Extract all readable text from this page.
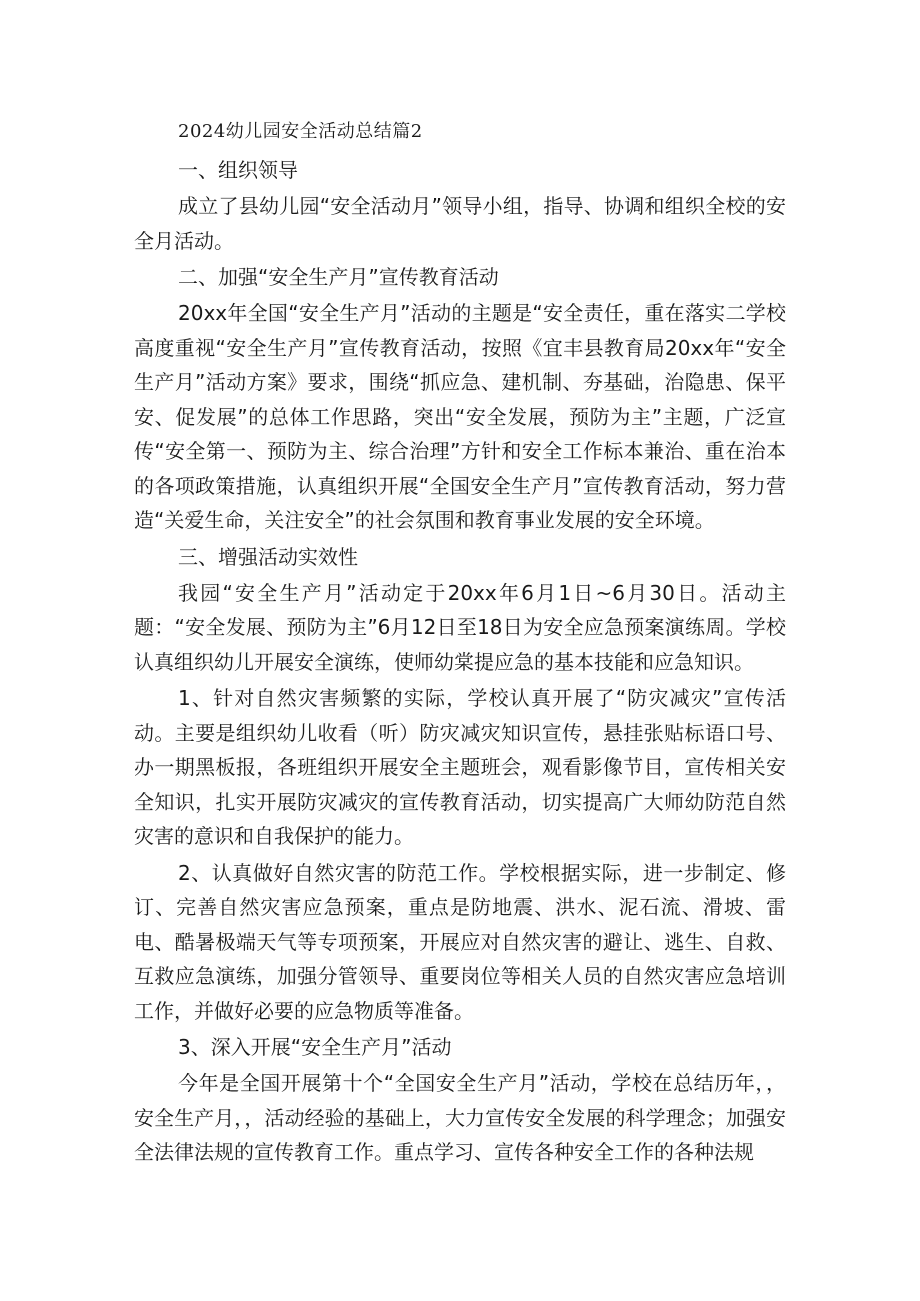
2024幼儿园安全活动总结篇2
一、组织领导
成立了县幼儿园“安全活动月”领导小组，指导、协调和组织全校的安全月活动。
二、加强“安全生产月”宣传教育活动
20xx年全国“安全生产月”活动的主题是“安全责任，重在落实二学校高度重视“安全生产月”宣传教育活动，按照《宜丰县教育局20xx年“安全生产月”活动方案》要求，围绕“抓应急、建机制、夯基础，治隐患、保平安、促发展”的总体工作思路，突出“安全发展，预防为主”主题，广泛宣传“安全第一、预防为主、综合治理”方针和安全工作标本兼治、重在治本的各项政策措施，认真组织开展“全国安全生产月”宣传教育活动，努力营造“关爱生命，关注安全”的社会氛围和教育事业发展的安全环境。
三、增强活动实效性
我园“安全生产月”活动定于20xx年6月1日~6月30日。活动主题：“安全发展、预防为主”6月12日至18日为安全应急预案演练周。学校认真组织幼儿开展安全演练，使师幼棠提应急的基本技能和应急知识。
1、针对自然灾害频繁的实际，学校认真开展了“防灾减灾”宣传活动。主要是组织幼儿收看（听）防灾减灾知识宣传，悬挂张贴标语口号、办一期黑板报，各班组织开展安全主题班会，观看影像节目，宣传相关安全知识，扎实开展防灾减灾的宣传教育活动，切实提高广大师幼防范自然灾害的意识和自我保护的能力。
2、认真做好自然灾害的防范工作。学校根据实际，进一步制定、修订、完善自然灾害应急预案，重点是防地震、洪水、泥石流、滑坡、雷电、酷暑极端天气等专项预案，开展应对自然灾害的避让、逃生、自救、互救应急演练，加强分管领导、重要岗位等相关人员的自然灾害应急培训工作，并做好必要的应急物质等准备。
3、深入开展“安全生产月”活动
今年是全国开展第十个“全国安全生产月”活动，学校在总结历年，，安全生产月，，活动经验的基础上，大力宣传安全发展的科学理念；加强安全法律法规的宣传教育工作。重点学习、宣传各种安全工作的各种法规
